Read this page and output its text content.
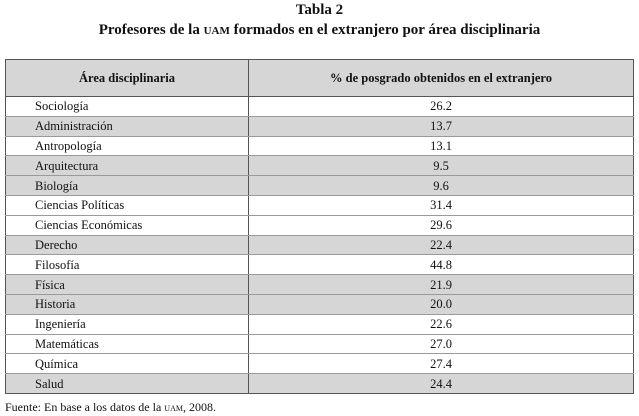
Tabla 2
Profesores de la uam formados en el extranjero por área disciplinaria
Área disciplinaria	% de posgrado obtenidos en el extranjero
Sociología	26.2
Administración	13.7
Antropología	13.1
Arquitectura	9.5
Biología	9.6
Ciencias Políticas	31.4
Ciencias Económicas	29.6
Derecho	22.4
Filosofía	44.8
Física	21.9
Historia	20.0
Ingeniería	22.6
Matemáticas	27.0
Química	27.4
Salud	24.4
Fuente: En base a los datos de la uam, 2008.
